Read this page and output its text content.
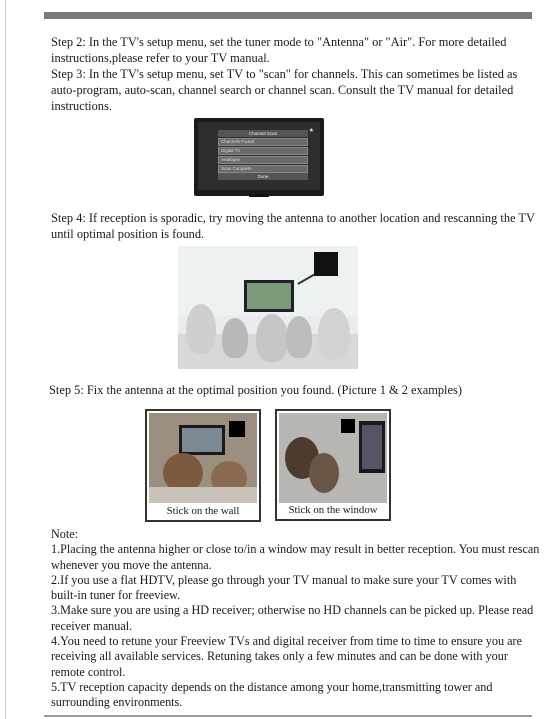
Step 2: In the TV's setup menu, set the tuner mode to "Antenna" or "Air". For more detailed instructions,please refer to your TV manual.

Step 3: In the TV's setup menu, set TV to "scan" for channels. This can sometimes be listed as auto-program, auto-scan, channel search or channel scan. Consult the TV manual for detailed instructions.

★
Channel Scan
Channels Found
Digital TV
Analogue
Scan Complete
Done

Step 4: If reception is sporadic, try moving the antenna to another location and rescanning the TV until optimal position is found.

Step 5: Fix the antenna at the optimal position you found. (Picture 1 & 2 examples)

Stick on the wall	Stick on the window

Note:

1.Placing the antenna higher or close to/in a window may result in better reception. You must rescan whenever you move the antenna.

2.If you use a flat HDTV, please go through your TV manual to make sure your TV comes with built-in tuner for freeview.

3.Make sure you are using a HD receiver; otherwise no HD channels can be picked up. Please read receiver manual.

4.You need to retune your Freeview TVs and digital receiver from time to time to ensure you are receiving all available services. Retuning takes only a few minutes and can be done with your remote control.

5.TV reception capacity depends on the distance among your home,transmitting tower and surrounding environments.
